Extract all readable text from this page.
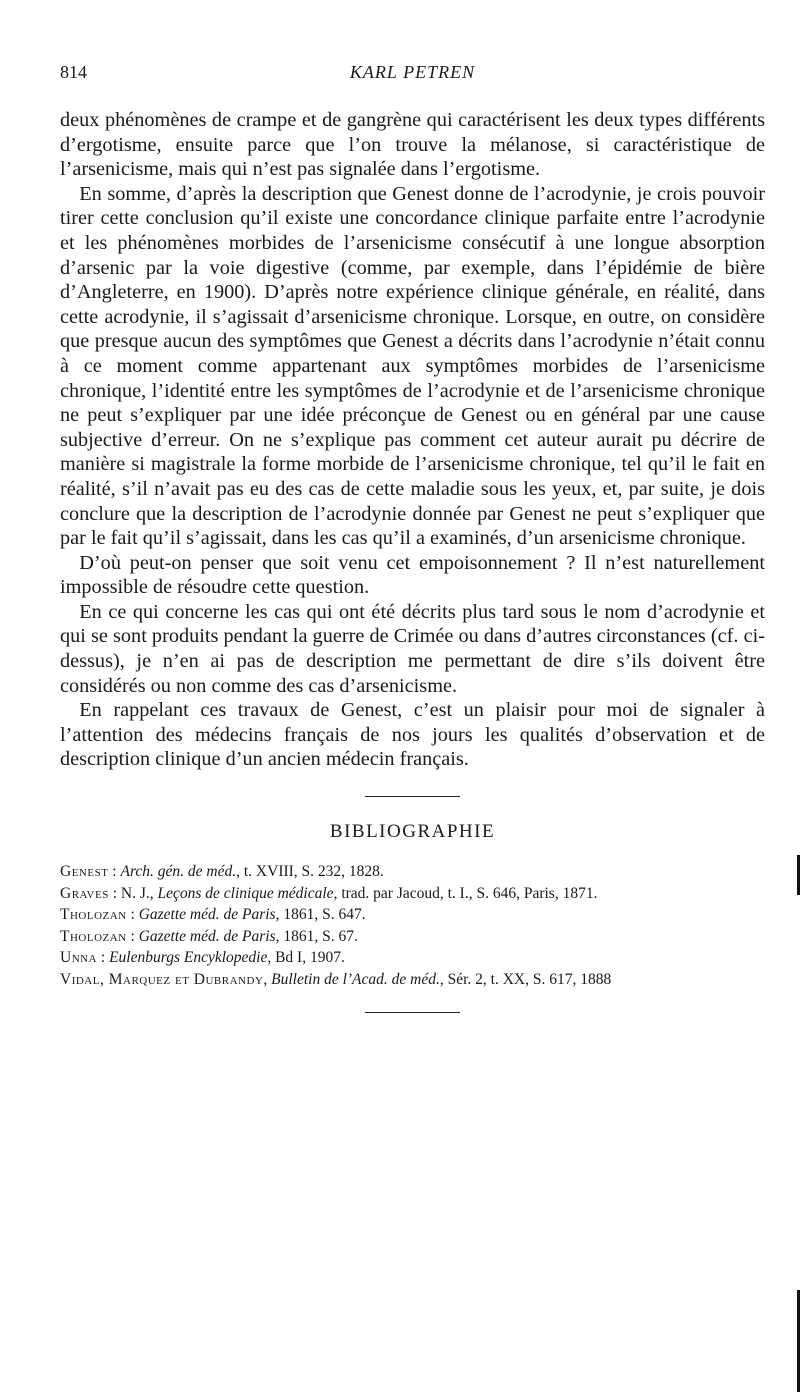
814	KARL PETREN

deux phénomènes de crampe et de gangrène qui caractérisent les deux types différents d’ergotisme, ensuite parce que l’on trouve la mélanose, si caractéristique de l’arsenicisme, mais qui n’est pas signalée dans l’ergotisme.

En somme, d’après la description que Genest donne de l’acrodynie, je crois pouvoir tirer cette conclusion qu’il existe une concordance clinique parfaite entre l’acrodynie et les phénomènes morbides de l’arsenicisme consécutif à une longue absorption d’arsenic par la voie digestive (comme, par exemple, dans l’épidémie de bière d’Angleterre, en 1900). D’après notre expérience clinique générale, en réalité, dans cette acrodynie, il s’agissait d’arsenicisme chronique. Lorsque, en outre, on considère que presque aucun des symptômes que Genest a décrits dans l’acrodynie n’était connu à ce moment comme appartenant aux symptômes morbides de l’arsenicisme chronique, l’identité entre les symptômes de l’acrodynie et de l’arsenicisme chronique ne peut s’expliquer par une idée préconçue de Genest ou en général par une cause subjective d’erreur. On ne s’explique pas comment cet auteur aurait pu décrire de manière si magistrale la forme morbide de l’arsenicisme chronique, tel qu’il le fait en réalité, s’il n’avait pas eu des cas de cette maladie sous les yeux, et, par suite, je dois conclure que la description de l’acrodynie donnée par Genest ne peut s’expliquer que par le fait qu’il s’agissait, dans les cas qu’il a examinés, d’un arsenicisme chronique.

D’où peut-on penser que soit venu cet empoisonnement ? Il n’est naturellement impossible de résoudre cette question.

En ce qui concerne les cas qui ont été décrits plus tard sous le nom d’acrodynie et qui se sont produits pendant la guerre de Crimée ou dans d’autres circonstances (cf. ci-dessus), je n’en ai pas de description me permettant de dire s’ils doivent être considérés ou non comme des cas d’arsenicisme.

En rappelant ces travaux de Genest, c’est un plaisir pour moi de signaler à l’attention des médecins français de nos jours les qualités d’observation et de description clinique d’un ancien médecin français.

BIBLIOGRAPHIE
Genest : Arch. gén. de méd., t. XVIII, S. 232, 1828.
Graves : N. J., Leçons de clinique médicale, trad. par Jacoud, t. I., S. 646, Paris, 1871.
Tholozan : Gazette méd. de Paris, 1861, S. 647.
Tholozan : Gazette méd. de Paris, 1861, S. 67.
Unna : Eulenburgs Encyklopedie, Bd I, 1907.
Vidal, Marquez et Dubrandy, Bulletin de l’Acad. de méd., Sér. 2, t. XX, S. 617, 1888
